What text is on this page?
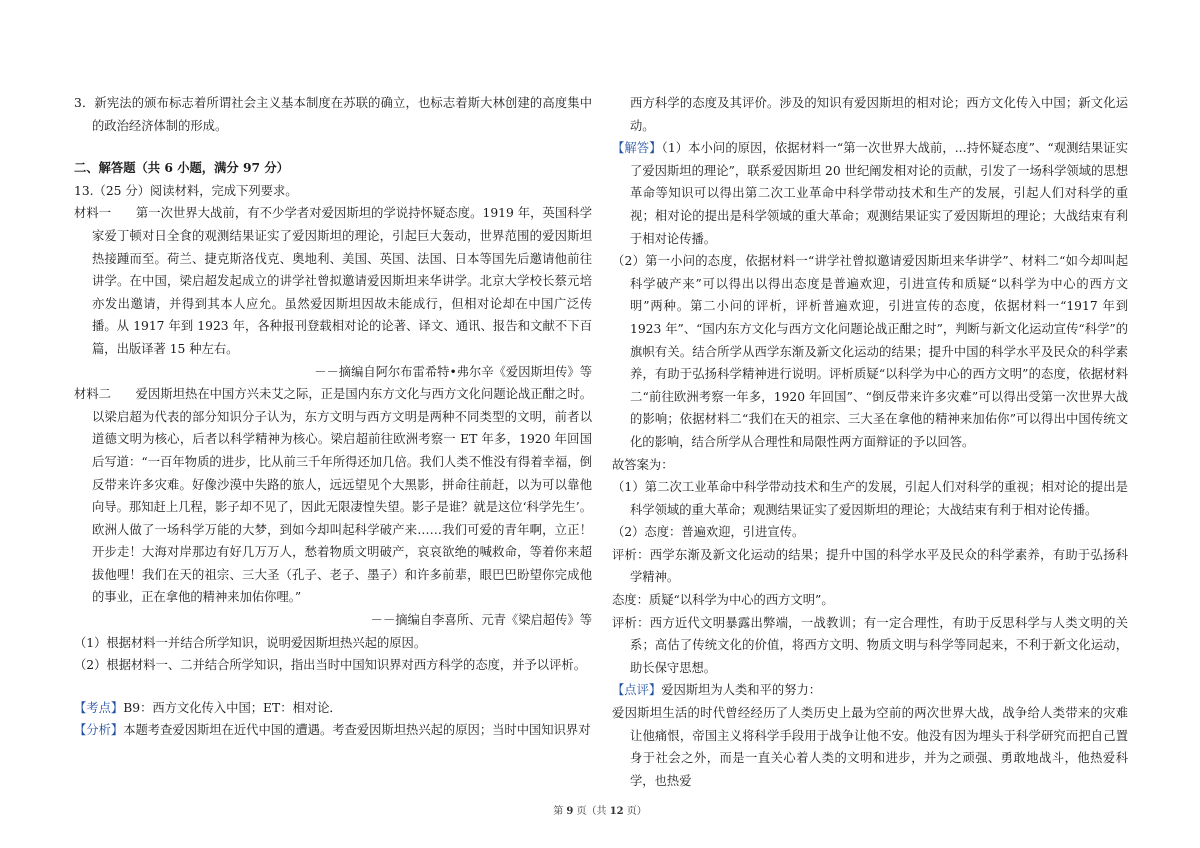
3．新宪法的颁布标志着所谓社会主义基本制度在苏联的确立，也标志着斯大林创建的高度集中的政治经济体制的形成。

二、解答题（共 6 小题，满分 97 分）

13.（25 分）阅读材料，完成下列要求。

材料一　　第一次世界大战前，有不少学者对爱因斯坦的学说持怀疑态度。1919 年，英国科学家爱丁顿对日全食的观测结果证实了爱因斯坦的理论，引起巨大轰动，世界范围的爱因斯坦热接踵而至。荷兰、捷克斯洛伐克、奥地利、美国、英国、法国、日本等国先后邀请他前往讲学。在中国，梁启超发起成立的讲学社曾拟邀请爱因斯坦来华讲学。北京大学校长蔡元培亦发出邀请，并得到其本人应允。虽然爱因斯坦因故未能成行，但相对论却在中国广泛传播。从 1917 年到 1923 年，各种报刊登载相对论的论著、译文、通讯、报告和文献不下百篇，出版译著 15 种左右。

－－摘编自阿尔布雷希特•弗尔辛《爱因斯坦传》等

材料二　　爱因斯坦热在中国方兴未艾之际，正是国内东方文化与西方文化问题论战正酣之时。以梁启超为代表的部分知识分子认为，东方文明与西方文明是两种不同类型的文明，前者以道德文明为核心，后者以科学精神为核心。梁启超前往欧洲考察一 ET 年多，1920 年回国后写道：“一百年物质的进步，比从前三千年所得还加几倍。我们人类不惟没有得着幸福，倒反带来许多灾难。好像沙漠中失路的旅人，远远望见个大黑影，拼命往前赶，以为可以靠他向导。那知赶上几程，影子却不见了，因此无限凄惶失望。影子是谁？就是这位‘科学先生’。欧洲人做了一场科学万能的大梦，到如今却叫起科学破产来……我们可爱的青年啊，立正！开步走！大海对岸那边有好几万万人，愁着物质文明破产，哀哀欲绝的喊救命，等着你来超拔他哩！我们在天的祖宗、三大圣（孔子、老子、墨子）和许多前辈，眼巴巴盼望你完成他的事业，正在拿他的精神来加佑你哩。”

－－摘编自李喜所、元青《梁启超传》等

（1）根据材料一并结合所学知识，说明爱因斯坦热兴起的原因。

（2）根据材料一、二并结合所学知识，指出当时中国知识界对西方科学的态度，并予以评析。

【考点】B9：西方文化传入中国；ET：相对论．

【分析】本题考查爱因斯坦在近代中国的遭遇。考查爱因斯坦热兴起的原因；当时中国知识界对

西方科学的态度及其评价。涉及的知识有爱因斯坦的相对论；西方文化传入中国；新文化运动。

【解答】（1）本小问的原因，依据材料一“第一次世界大战前，...持怀疑态度”、“观测结果证实了爱因斯坦的理论”，联系爱因斯坦 20 世纪阐发相对论的贡献，引发了一场科学领域的思想革命等知识可以得出第二次工业革命中科学带动技术和生产的发展，引起人们对科学的重视；相对论的提出是科学领域的重大革命；观测结果证实了爱因斯坦的理论；大战结束有利于相对论传播。

（2）第一小问的态度，依据材料一“讲学社曾拟邀请爱因斯坦来华讲学”、材料二“如今却叫起科学破产来”可以得出以得出态度是普遍欢迎，引进宣传和质疑“以科学为中心的西方文明”两种。第二小问的评析，评析普遍欢迎，引进宣传的态度，依据材料一“1917 年到 1923 年”、“国内东方文化与西方文化问题论战正酣之时”，判断与新文化运动宣传“科学”的旗帜有关。结合所学从西学东渐及新文化运动的结果；提升中国的科学水平及民众的科学素养，有助于弘扬科学精神进行说明。评析质疑“以科学为中心的西方文明”的态度，依据材料二“前往欧洲考察一年多，1920 年回国”、“倒反带来许多灾难”可以得出受第一次世界大战的影响；依据材料二“我们在天的祖宗、三大圣在拿他的精神来加佑你”可以得出中国传统文化的影响，结合所学从合理性和局限性两方面辩证的予以回答。

故答案为：

（1）第二次工业革命中科学带动技术和生产的发展，引起人们对科学的重视；相对论的提出是科学领域的重大革命；观测结果证实了爱因斯坦的理论；大战结束有利于相对论传播。

（2）态度：普遍欢迎，引进宣传。

评析：西学东渐及新文化运动的结果；提升中国的科学水平及民众的科学素养，有助于弘扬科学精神。

态度：质疑“以科学为中心的西方文明”。

评析：西方近代文明暴露出弊端，一战教训；有一定合理性，有助于反思科学与人类文明的关系；高估了传统文化的价值，将西方文明、物质文明与科学等同起来，不利于新文化运动，助长保守思想。

【点评】爱因斯坦为人类和平的努力：

爱因斯坦生活的时代曾经经历了人类历史上最为空前的两次世界大战，战争给人类带来的灾难让他痛恨，帝国主义将科学手段用于战争让他不安。他没有因为埋头于科学研究而把自己置身于社会之外，而是一直关心着人类的文明和进步，并为之顽强、勇敢地战斗，他热爱科学，也热爱

第 9 页（共 12 页）
